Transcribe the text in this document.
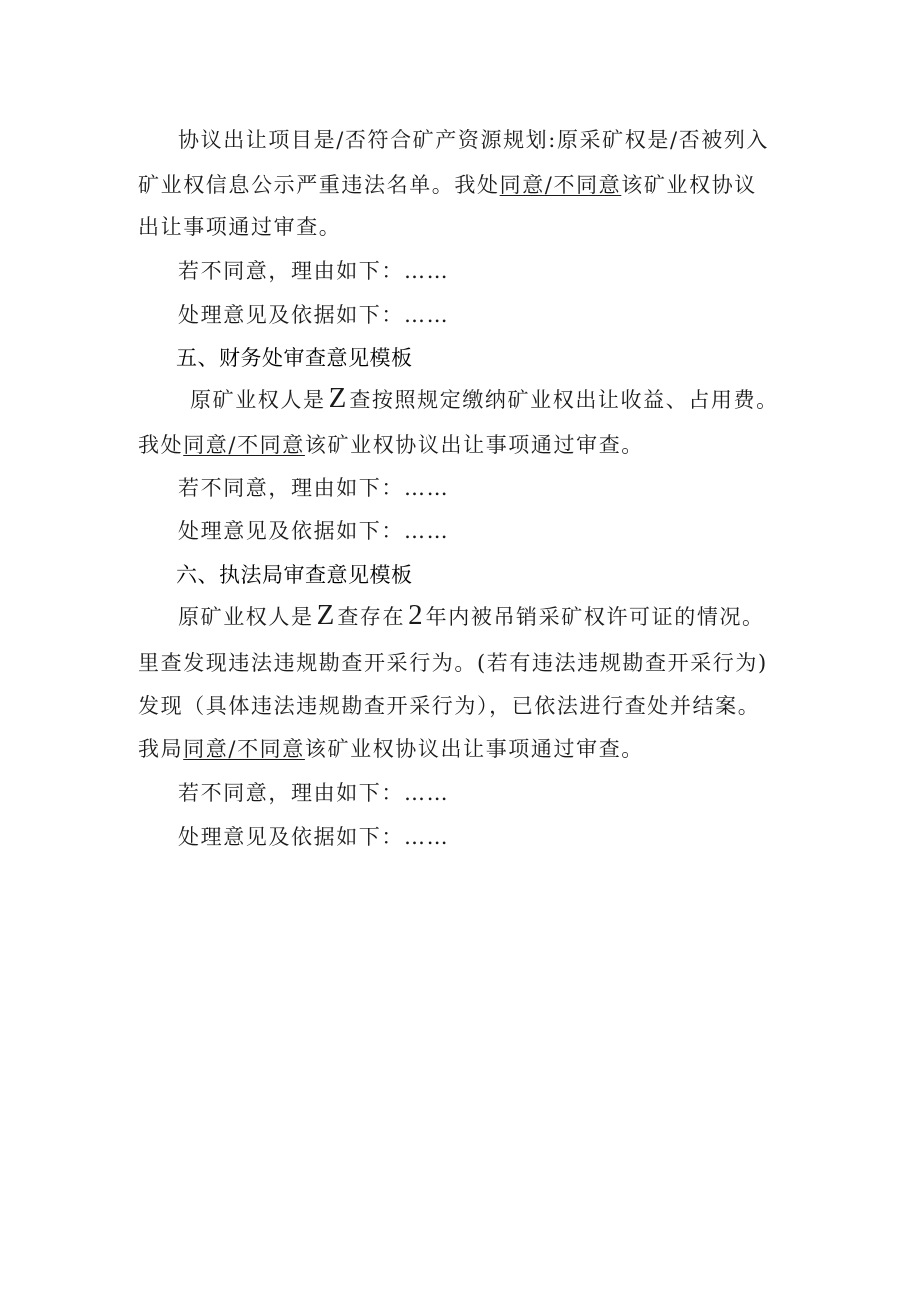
协议出让项目是/否符合矿产资源规划:原采矿权是/否被列入
矿业权信息公示严重违法名单。我处同意/不同意该矿业权协议
出让事项通过审查。
若不同意，理由如下：……
处理意见及依据如下：……
五、财务处审查意见模板
原矿业权人是 Z 查按照规定缴纳矿业权出让收益、占用费。
我处同意/不同意该矿业权协议出让事项通过审查。
若不同意，理由如下：……
处理意见及依据如下：……
六、执法局审查意见模板
原矿业权人是 Z 查存在 2 年内被吊销采矿权许可证的情况。
里查发现违法违规勘查开采行为。(若有违法违规勘查开采行为)
发现（具体违法违规勘查开采行为），已依法进行查处并结案。
我局同意/不同意该矿业权协议出让事项通过审查。
若不同意，理由如下：……
处理意见及依据如下：……
